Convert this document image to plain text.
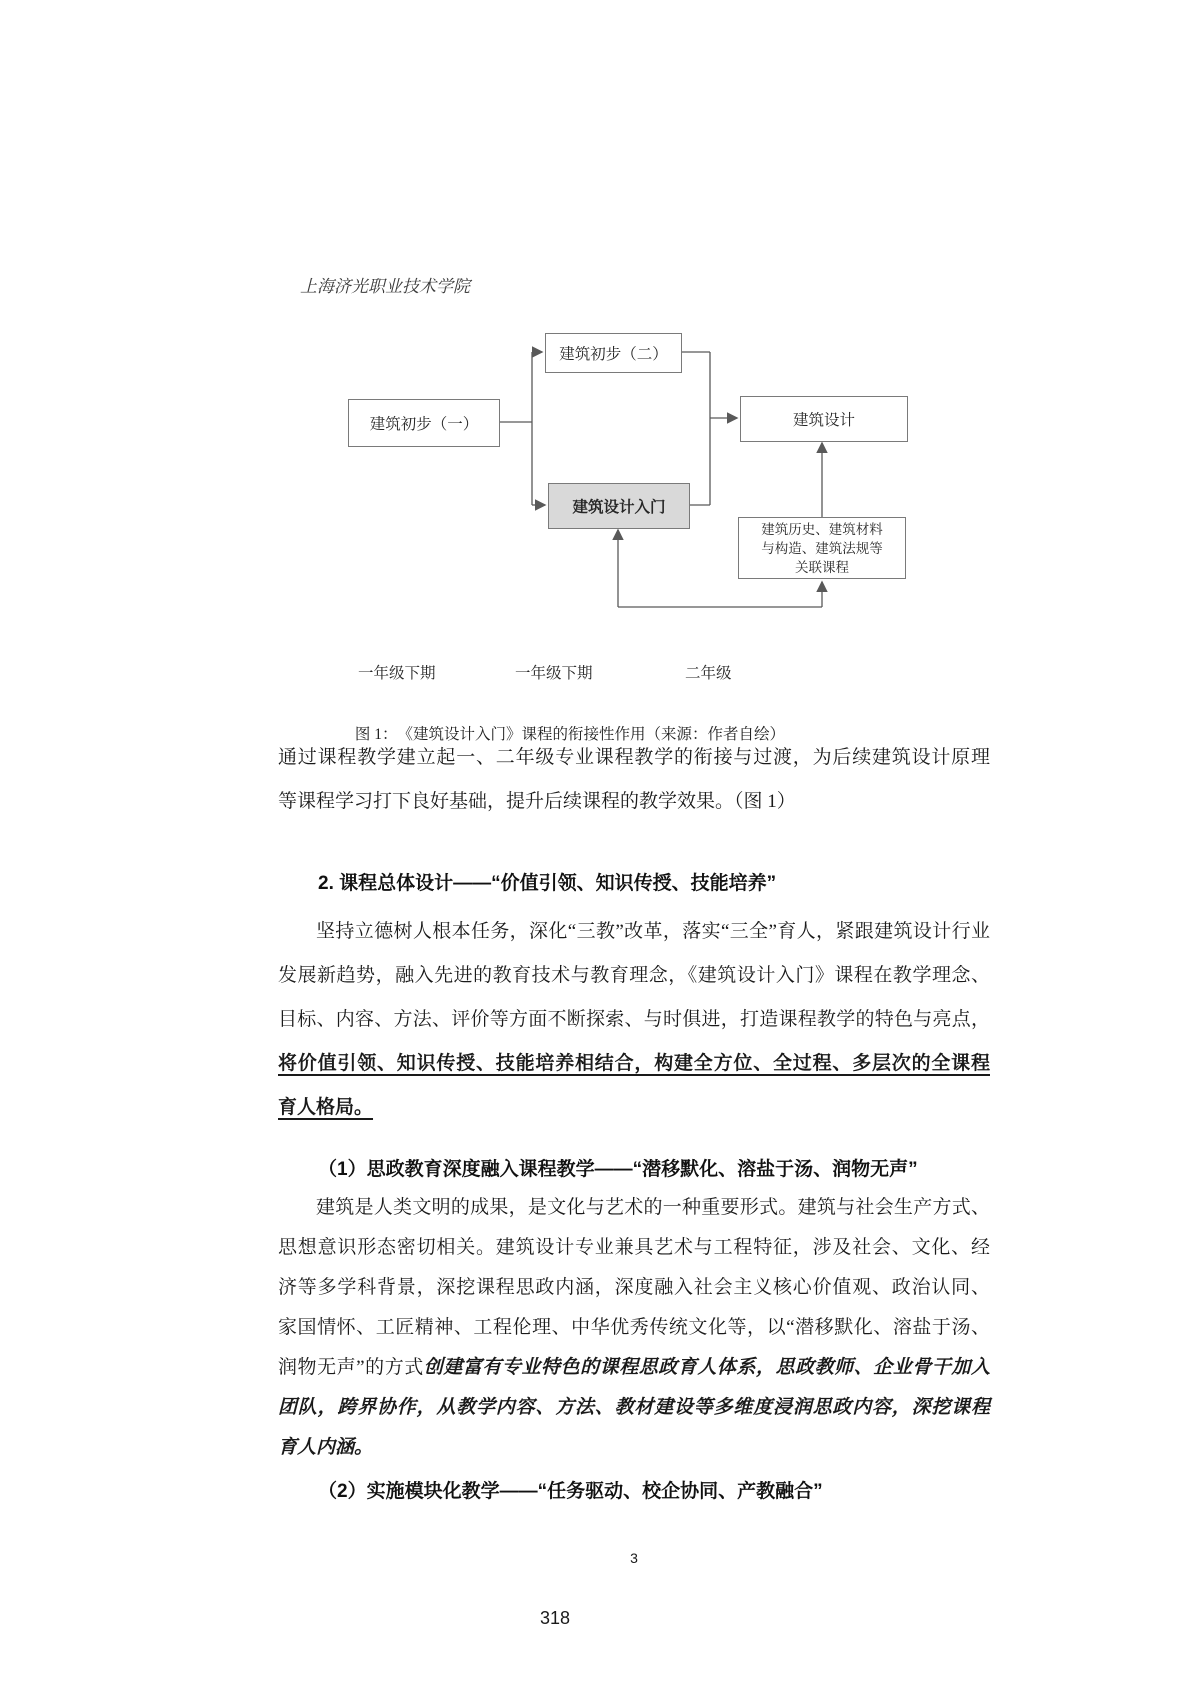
上海济光职业技术学院
建筑初步（一）
建筑初步（二）
建筑设计入门
建筑设计
建筑历史、建筑材料
与构造、建筑法规等
关联课程
一年级下期	一年级下期	二年级
图 1：　《建筑设计入门》课程的衔接性作用（来源：作者自绘）
通过课程教学建立起一、二年级专业课程教学的衔接与过渡，为后续建筑设计原理
等课程学习打下良好基础，提升后续课程的教学效果。（图 1）
2. 课程总体设计——“价值引领、知识传授、技能培养”
坚持立德树人根本任务，深化“三教”改革，落实“三全”育人，紧跟建筑设计行业
发展新趋势，融入先进的教育技术与教育理念，《建筑设计入门》课程在教学理念、
目标、内容、方法、评价等方面不断探索、与时俱进，打造课程教学的特色与亮点，
将价值引领、知识传授、技能培养相结合，构建全方位、全过程、多层次的全课程
育人格局。
（1）思政教育深度融入课程教学——“潜移默化、溶盐于汤、润物无声”
建筑是人类文明的成果，是文化与艺术的一种重要形式。建筑与社会生产方式、
思想意识形态密切相关。建筑设计专业兼具艺术与工程特征，涉及社会、文化、经
济等多学科背景，深挖课程思政内涵，深度融入社会主义核心价值观、政治认同、
家国情怀、工匠精神、工程伦理、中华优秀传统文化等，以“潜移默化、溶盐于汤、
润物无声”的方式创建富有专业特色的课程思政育人体系，思政教师、企业骨干加入
团队，跨界协作，从教学内容、方法、教材建设等多维度浸润思政内容，深挖课程
育人内涵。
（2）实施模块化教学——“任务驱动、校企协同、产教融合”
3
318
